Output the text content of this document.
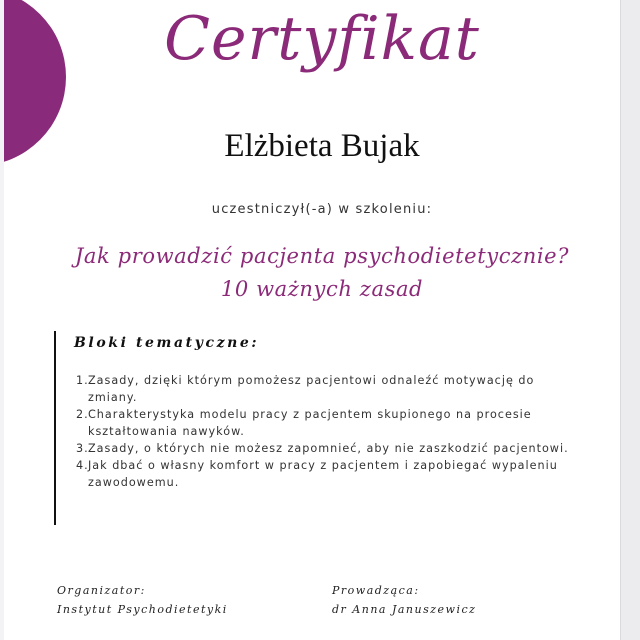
Certyfikat
Elżbieta Bujak
uczestniczył(-a) w szkoleniu:
Jak prowadzić pacjenta psychodietetycznie?
10 ważnych zasad
Bloki tematyczne:
1. Zasady, dzięki którym pomożesz pacjentowi odnaleźć motywację do zmiany.
2. Charakterystyka modelu pracy z pacjentem skupionego na procesie kształtowania nawyków.
3. Zasady, o których nie możesz zapomnieć, aby nie zaszkodzić pacjentowi.
4. Jak dbać o własny komfort w pracy z pacjentem i zapobiegać wypaleniu zawodowemu.
Organizator:
Instytut Psychodietetyki
Prowadząca:
dr Anna Januszewicz
